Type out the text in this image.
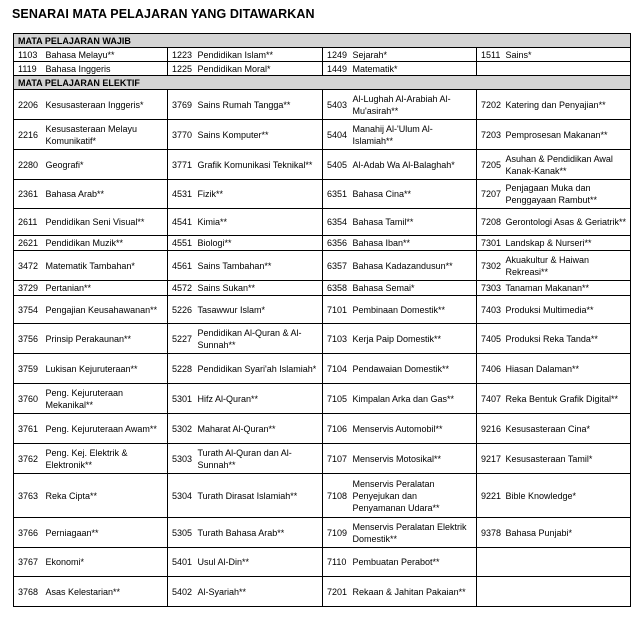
SENARAI MATA PELAJARAN YANG DITAWARKAN
MATA PELAJARAN WAJIB							
1103	Bahasa Melayu**	1223	Pendidikan Islam**	1249	Sejarah*	1511	Sains*
1119	Bahasa Inggeris	1225	Pendidikan Moral*	1449	Matematik*		
MATA PELAJARAN ELEKTIF							
2206	Kesusasteraan Inggeris*	3769	Sains Rumah Tangga**	5403	Al-Lughah Al-Arabiah Al-Mu'asirah**	7202	Katering dan Penyajian**
2216	Kesusasteraan Melayu Komunikatif*	3770	Sains Komputer**	5404	Manahij Al-'Ulum Al-Islamiah**	7203	Pemprosesan Makanan**
2280	Geografi*	3771	Grafik Komunikasi Teknikal**	5405	Al-Adab Wa Al-Balaghah*	7205	Asuhan & Pendidikan Awal Kanak-Kanak**
2361	Bahasa Arab**	4531	Fizik**	6351	Bahasa Cina**	7207	Penjagaan Muka dan Penggayaan Rambut**
2611	Pendidikan Seni Visual**	4541	Kimia**	6354	Bahasa Tamil**	7208	Gerontologi Asas & Geriatrik**
2621	Pendidikan Muzik**	4551	Biologi**	6356	Bahasa Iban**	7301	Landskap & Nurseri**
3472	Matematik Tambahan*	4561	Sains Tambahan**	6357	Bahasa Kadazandusun**	7302	Akuakultur & Haiwan Rekreasi**
3729	Pertanian**	4572	Sains Sukan**	6358	Bahasa Semai*	7303	Tanaman Makanan**
3754	Pengajian Keusahawanan**	5226	Tasawwur Islam*	7101	Pembinaan Domestik**	7403	Produksi Multimedia**
3756	Prinsip Perakaunan**	5227	Pendidikan Al-Quran & Al-Sunnah**	7103	Kerja Paip Domestik**	7405	Produksi Reka Tanda**
3759	Lukisan Kejuruteraan**	5228	Pendidikan Syari'ah Islamiah*	7104	Pendawaian Domestik**	7406	Hiasan Dalaman**
3760	Peng. Kejuruteraan Mekanikal**	5301	Hifz Al-Quran**	7105	Kimpalan Arka dan Gas**	7407	Reka Bentuk Grafik Digital**
3761	Peng. Kejuruteraan Awam**	5302	Maharat Al-Quran**	7106	Menservis Automobil**	9216	Kesusasteraan Cina*
3762	Peng. Kej. Elektrik & Elektronik**	5303	Turath Al-Quran dan Al-Sunnah**	7107	Menservis Motosikal**	9217	Kesusasteraan Tamil*
3763	Reka Cipta**	5304	Turath Dirasat Islamiah**	7108	Menservis Peralatan Penyejukan dan Penyamanan Udara**	9221	Bible Knowledge*
3766	Perniagaan**	5305	Turath Bahasa Arab**	7109	Menservis Peralatan Elektrik Domestik**	9378	Bahasa Punjabi*
3767	Ekonomi*	5401	Usul Al-Din**	7110	Pembuatan Perabot**		
3768	Asas Kelestarian**	5402	Al-Syariah**	7201	Rekaan & Jahitan Pakaian**		
